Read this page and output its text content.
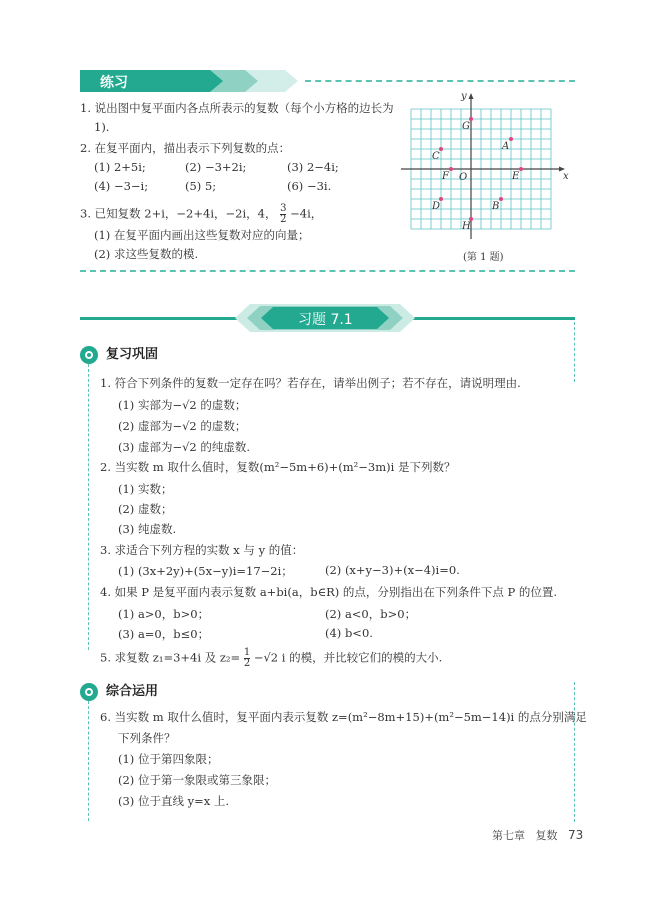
练习
1. 说出图中复平面内各点所表示的复数（每个小方格的边长为
1).
2. 在复平面内，描出表示下列复数的点：
(1) 2+5i;	(2) −3+2i;	(3) 2−4i;
(4) −3−i;	(5) 5;	(6) −3i.
3. 已知复数 2+i，−2+4i，−2i，4， $\frac{3}{2} -4i$，
(1) 在复平面内画出这些复数对应的向量；
(2) 求这些复数的模.
x
y
O
A
B
C
D
E
F
G
H
(第 1 题)
习题 7.1
复习巩固
综合运用
6. 当实数 m 取什么值时，复平面内表示复数 z=(m²−8m+15)+(m²−5m−14)i 的点分别满足
下列条件？
(1) 位于第四象限；
(2) 位于第一象限或第三象限；
(3) 位于直线 y=x 上.
1. 符合下列条件的复数一定存在吗？若存在，请举出例子；若不存在，请说明理由.
(1) 实部为−√2 的虚数；
(2) 虚部为−√2 的虚数；
(3) 虚部为−√2 的纯虚数.
2. 当实数 m 取什么值时，复数(m²−5m+6)+(m²−3m)i 是下列数？
(1) 实数；
(2) 虚数；
(3) 纯虚数.
3. 求适合下列方程的实数 x 与 y 的值：
(1) (3x+2y)+(5x−y)i=17−2i；	(2) (x+y−3)+(x−4)i=0.
4. 如果 P 是复平面内表示复数 a+bi(a，b∈R) 的点，分别指出在下列条件下点 P 的位置.
(1) a>0，b>0；	(2) a<0，b>0；
(3) a=0，b≤0；	(4) b<0.
5. 求复数 z₁=3+4i 及 $z_2= \frac{1}{2} -√2$ i 的模，并比较它们的模的大小.
第七章 复数 73
